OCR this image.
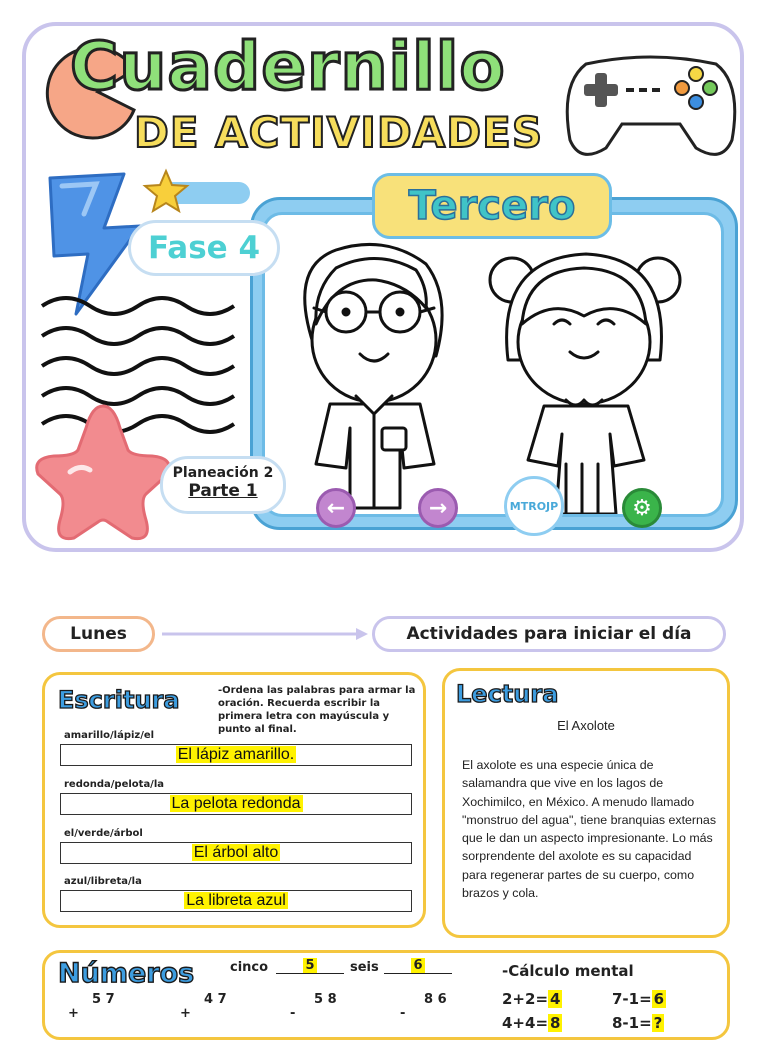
Cuadernillo
DE ACTIVIDADES
Tercero
Fase 4
Planeación 2
Parte 1
←	→	MTROJP	⚙
Lunes	Actividades para iniciar el día
Escritura	-Ordena las palabras para armar la oración. Recuerda escribir la primera letra con mayúscula y punto al final.
amarillo/lápiz/el
El lápiz amarillo.
redonda/pelota/la
La pelota redonda
el/verde/árbol
El árbol alto
azul/libreta/la
La libreta azul
Lectura
El Axolote
El axolote es una especie única de salamandra que vive en los lagos de Xochimilco, en México. A menudo llamado "monstruo del agua", tiene branquias externas que le dan un aspecto impresionante. Lo más sorprendente del axolote es su capacidad para regenerar partes de su cuerpo, como brazos y cola.
Números	cinco	5	seis	6
5 7
+
4 7
+
5 8
-
8 6
-
-Cálculo mental
2+2= 4	7-1= 6
4+4= 8	8-1= ?
